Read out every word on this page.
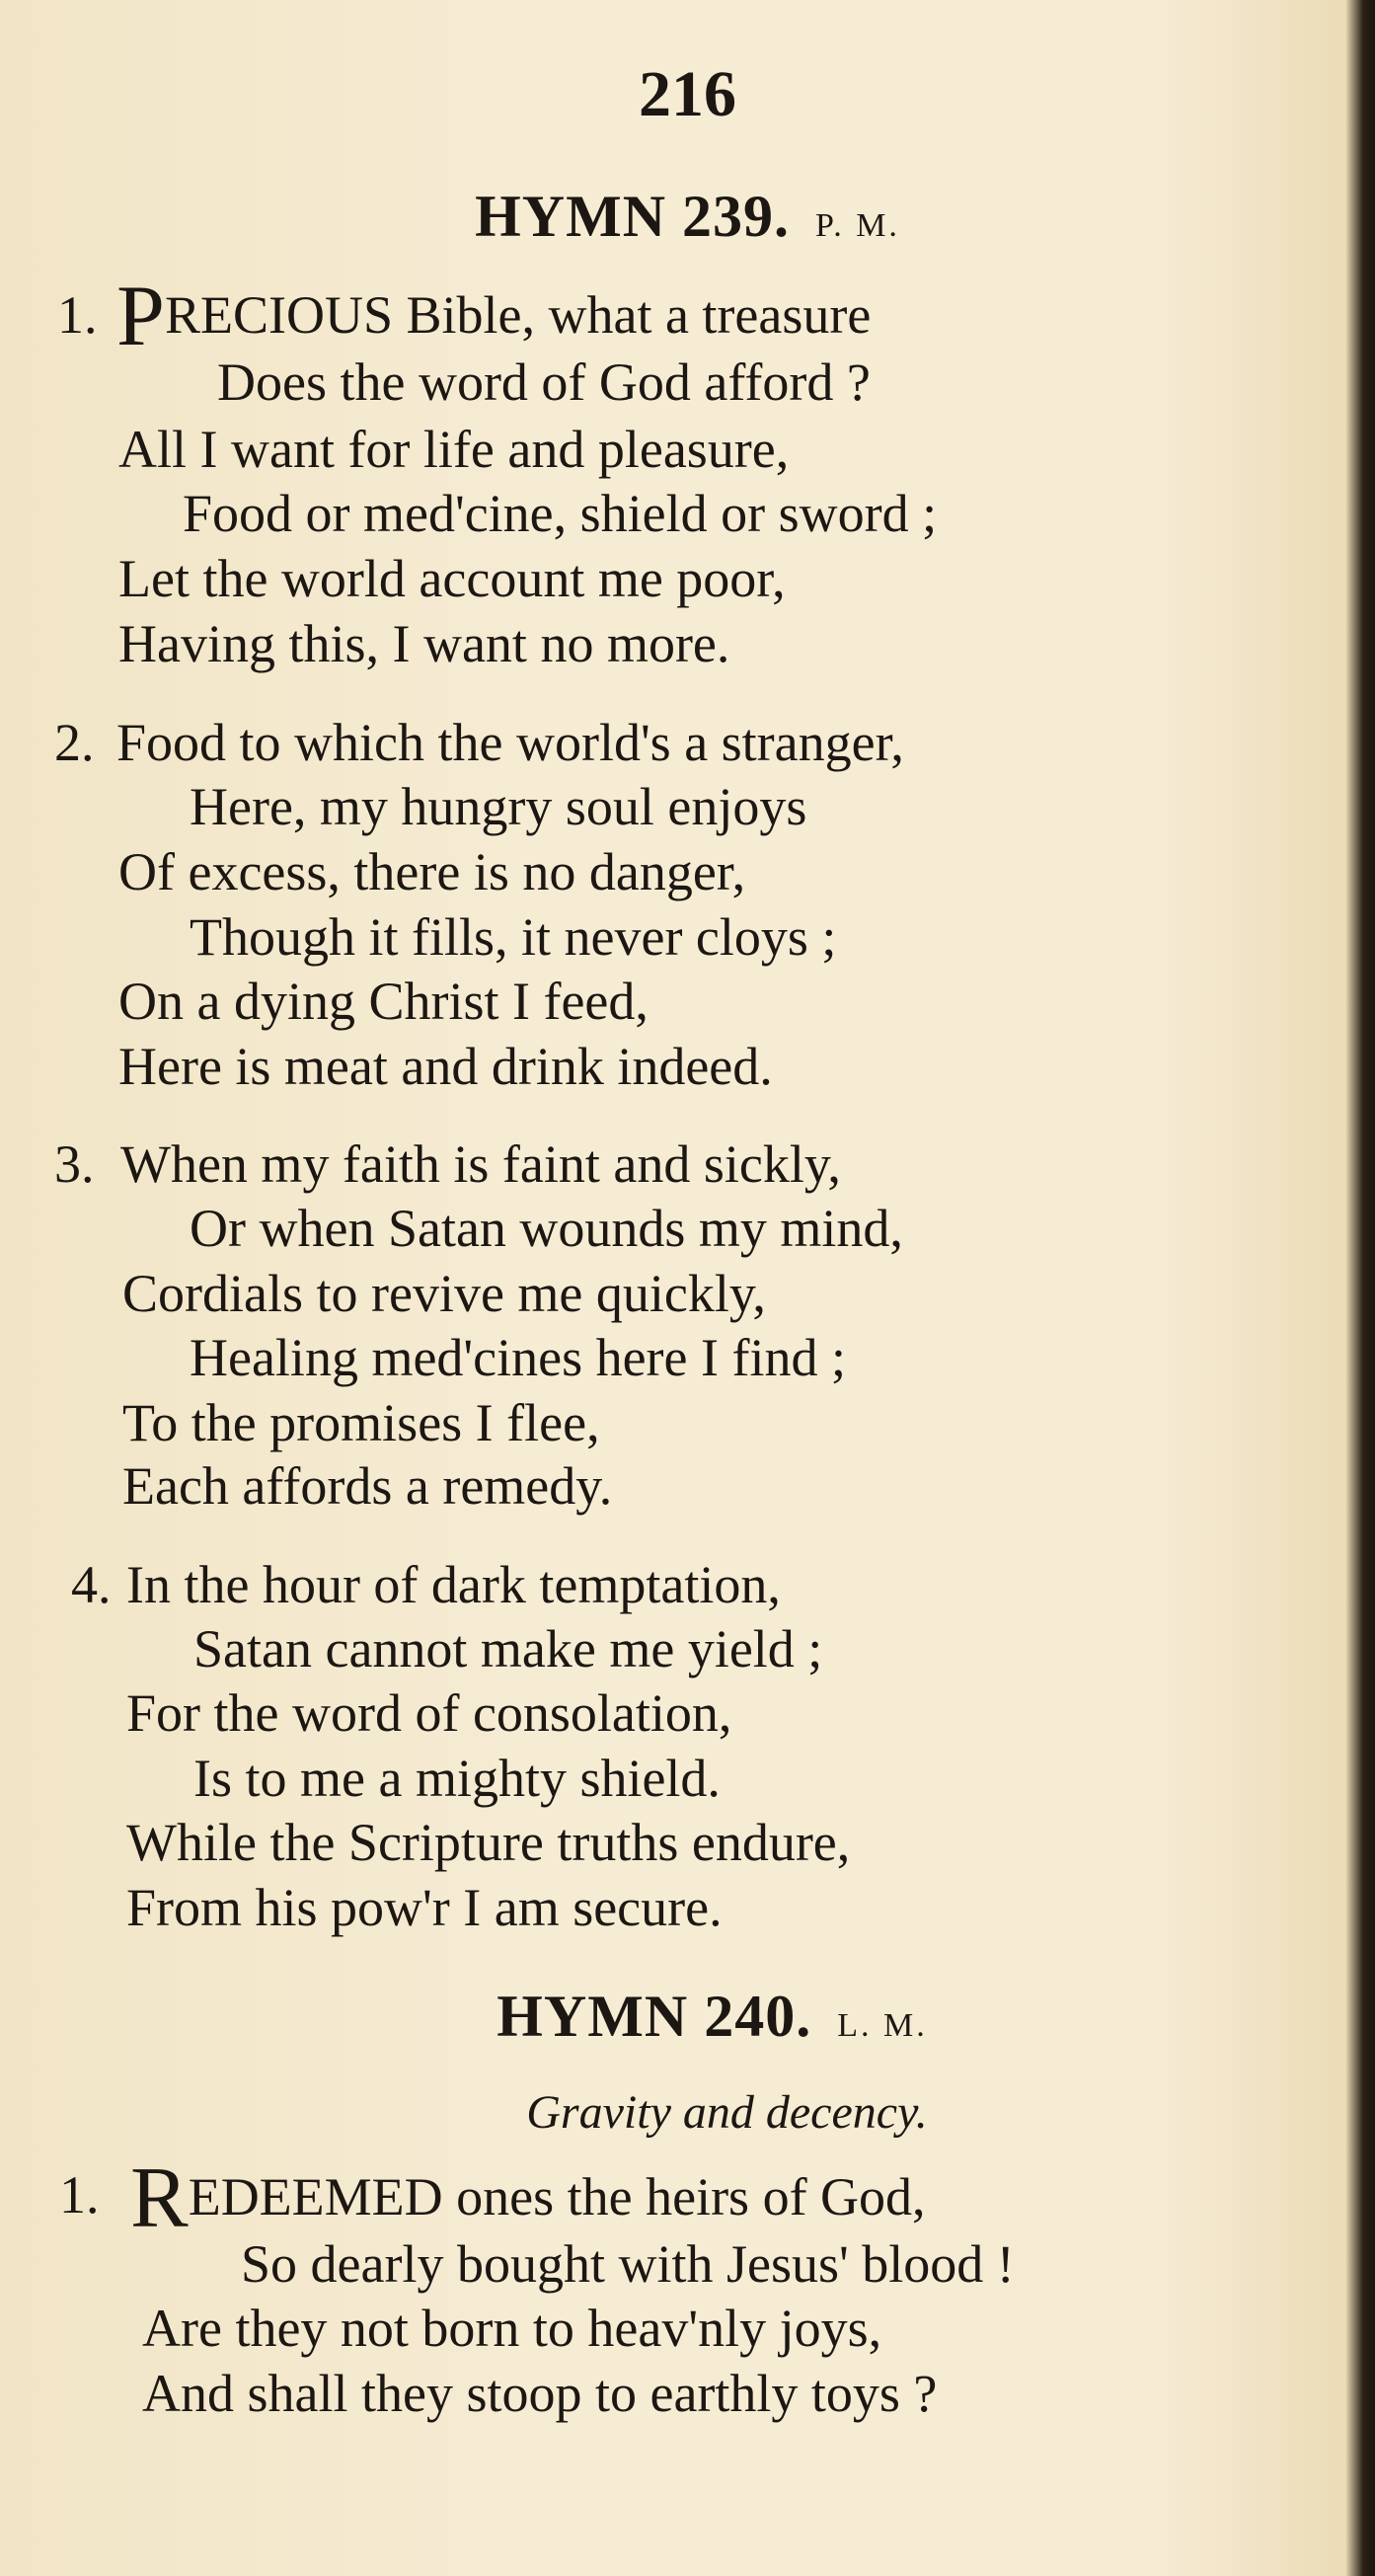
216
HYMN 239. P. M.
1. PRECIOUS Bible, what a treasure
Does the word of God afford ?
All I want for life and pleasure,
Food or med'cine, shield or sword ;
Let the world account me poor,
Having this, I want no more.
2. Food to which the world's a stranger,
Here, my hungry soul enjoys
Of excess, there is no danger,
Though it fills, it never cloys ;
On a dying Christ I feed,
Here is meat and drink indeed.
3. When my faith is faint and sickly,
Or when Satan wounds my mind,
Cordials to revive me quickly,
Healing med'cines here I find ;
To the promises I flee,
Each affords a remedy.
4. In the hour of dark temptation,
Satan cannot make me yield ;
For the word of consolation,
Is to me a mighty shield.
While the Scripture truths endure,
From his pow'r I am secure.
HYMN 240. L. M.
Gravity and decency.
1. REDEEMED ones the heirs of God,
So dearly bought with Jesus' blood !
Are they not born to heav'nly joys,
And shall they stoop to earthly toys ?
